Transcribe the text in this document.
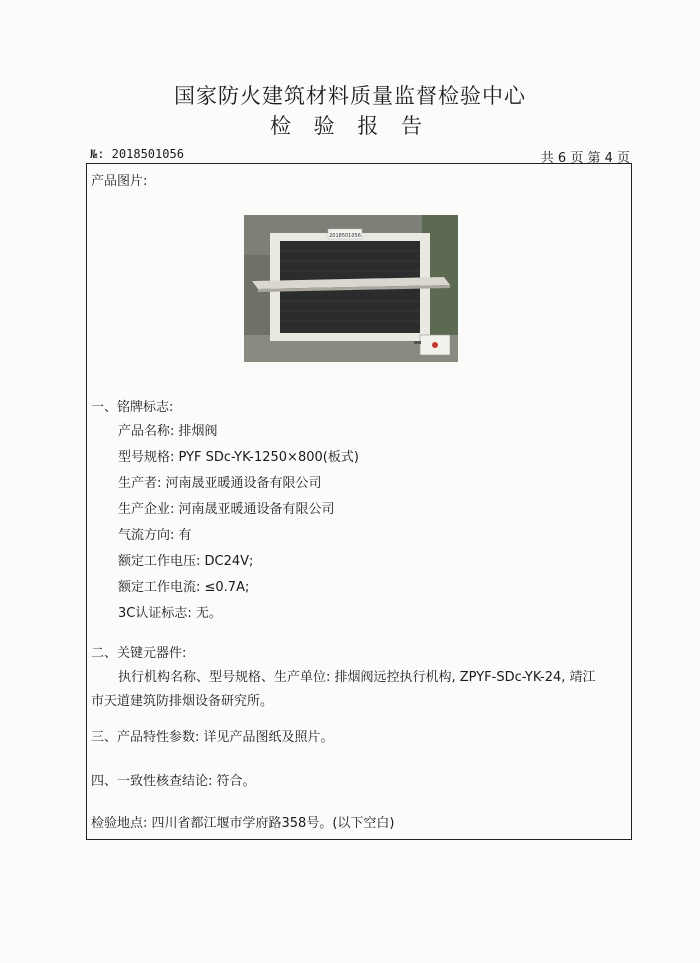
国家防火建筑材料质量监督检验中心
检 验 报 告
№: 2018501056	共 6 页 第 4 页
产品图片:
2018501056
一、铭牌标志:
产品名称: 排烟阀
型号规格: PYF SDc-YK-1250×800(板式)
生产者: 河南晟亚暖通设备有限公司
生产企业: 河南晟亚暖通设备有限公司
气流方向: 有
额定工作电压: DC24V;
额定工作电流: ≤0.7A;
3C认证标志: 无。
二、关键元器件:
执行机构名称、型号规格、生产单位: 排烟阀远控执行机构, ZPYF-SDc-YK-24, 靖江
市天道建筑防排烟设备研究所。
三、产品特性参数: 详见产品图纸及照片。
四、一致性核查结论: 符合。
检验地点: 四川省都江堰市学府路358号。(以下空白)
